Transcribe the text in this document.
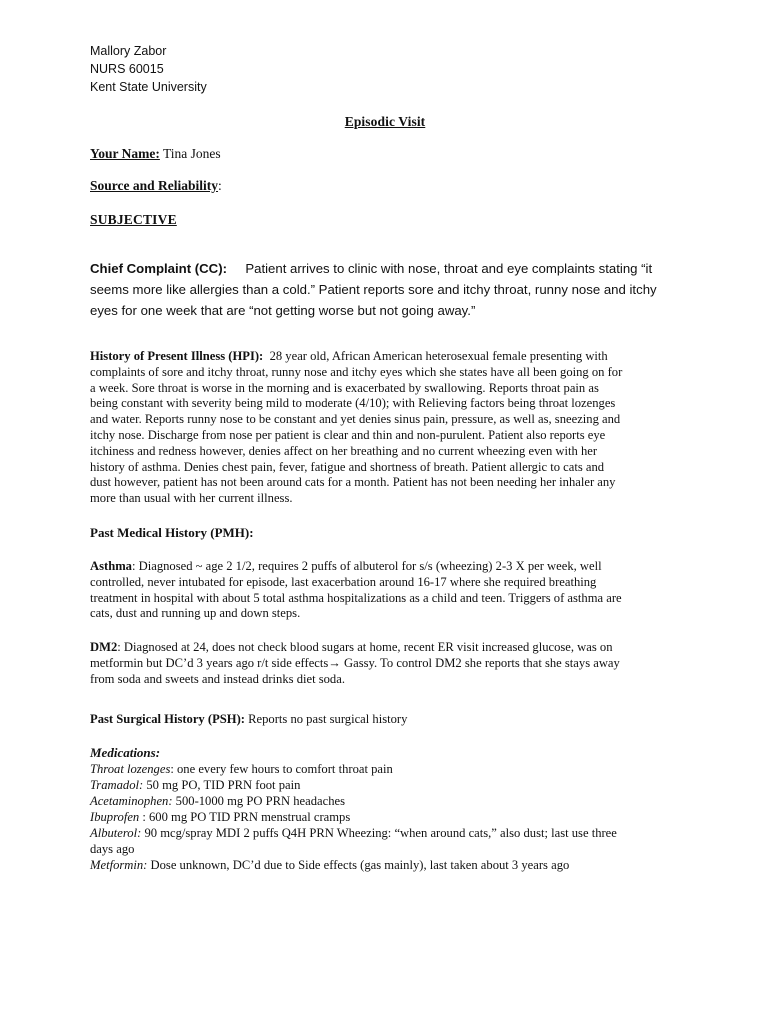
Mallory Zabor
NURS 60015
Kent State University
Episodic Visit
Your Name: Tina Jones
Source and Reliability:
SUBJECTIVE
Chief Complaint (CC): Patient arrives to clinic with nose, throat and eye complaints stating “it seems more like allergies than a cold.” Patient reports sore and itchy throat, runny nose and itchy eyes for one week that are “not getting worse but not going away.”
History of Present Illness (HPI): 28 year old, African American heterosexual female presenting with
complaints of sore and itchy throat, runny nose and itchy eyes which she states have all been going on for
a week. Sore throat is worse in the morning and is exacerbated by swallowing. Reports throat pain as
being constant with severity being mild to moderate (4/10); with Relieving factors being throat lozenges
and water. Reports runny nose to be constant and yet denies sinus pain, pressure, as well as, sneezing and
itchy nose. Discharge from nose per patient is clear and thin and non-purulent. Patient also reports eye
itchiness and redness however, denies affect on her breathing and no current wheezing even with her
history of asthma. Denies chest pain, fever, fatigue and shortness of breath. Patient allergic to cats and
dust however, patient has not been around cats for a month. Patient has not been needing her inhaler any
more than usual with her current illness.
Past Medical History (PMH):
Asthma: Diagnosed ~ age 2 1/2, requires 2 puffs of albuterol for s/s (wheezing) 2-3 X per week, well
controlled, never intubated for episode, last exacerbation around 16-17 where she required breathing
treatment in hospital with about 5 total asthma hospitalizations as a child and teen. Triggers of asthma are
cats, dust and running up and down steps.
DM2: Diagnosed at 24, does not check blood sugars at home, recent ER visit increased glucose, was on
metformin but DC’d 3 years ago r/t side effects→ Gassy. To control DM2 she reports that she stays away
from soda and sweets and instead drinks diet soda.
Past Surgical History (PSH): Reports no past surgical history
Medications:
Throat lozenges: one every few hours to comfort throat pain
Tramadol: 50 mg PO, TID PRN foot pain
Acetaminophen: 500-1000 mg PO PRN headaches
Ibuprofen : 600 mg PO TID PRN menstrual cramps
Albuterol: 90 mcg/spray MDI 2 puffs Q4H PRN Wheezing: “when around cats,” also dust; last use three
days ago
Metformin: Dose unknown, DC’d due to Side effects (gas mainly), last taken about 3 years ago
